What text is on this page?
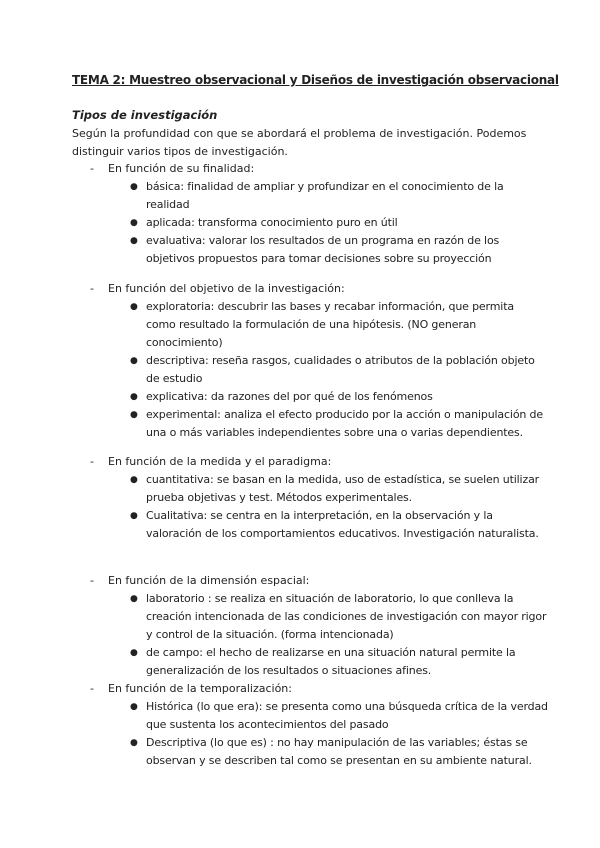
TEMA 2: Muestreo observacional y Diseños de investigación observacional
Tipos de investigación
Según la profundidad con que se abordará el problema de investigación. Podemos
distinguir varios tipos de investigación.
- En función de su finalidad:
● básica: finalidad de ampliar y profundizar en el conocimiento de la
realidad
● aplicada: transforma conocimiento puro en útil
● evaluativa: valorar los resultados de un programa en razón de los
objetivos propuestos para tomar decisiones sobre su proyección
- En función del objetivo de la investigación:
● exploratoria: descubrir las bases y recabar información, que permita
como resultado la formulación de una hipótesis. (NO generan
conocimiento)
● descriptiva: reseña rasgos, cualidades o atributos de la población objeto
de estudio
● explicativa: da razones del por qué de los fenómenos
● experimental: analiza el efecto producido por la acción o manipulación de
una o más variables independientes sobre una o varias dependientes.
- En función de la medida y el paradigma:
● cuantitativa: se basan en la medida, uso de estadística, se suelen utilizar
prueba objetivas y test. Métodos experimentales.
● Cualitativa: se centra en la interpretación, en la observación y la
valoración de los comportamientos educativos. Investigación naturalista.
- En función de la dimensión espacial:
● laboratorio : se realiza en situación de laboratorio, lo que conlleva la
creación intencionada de las condiciones de investigación con mayor rigor
y control de la situación. (forma intencionada)
● de campo: el hecho de realizarse en una situación natural permite la
generalización de los resultados o situaciones afines.
- En función de la temporalización:
● Histórica (lo que era): se presenta como una búsqueda crítica de la verdad
que sustenta los acontecimientos del pasado
● Descriptiva (lo que es) : no hay manipulación de las variables; éstas se
observan y se describen tal como se presentan en su ambiente natural.
